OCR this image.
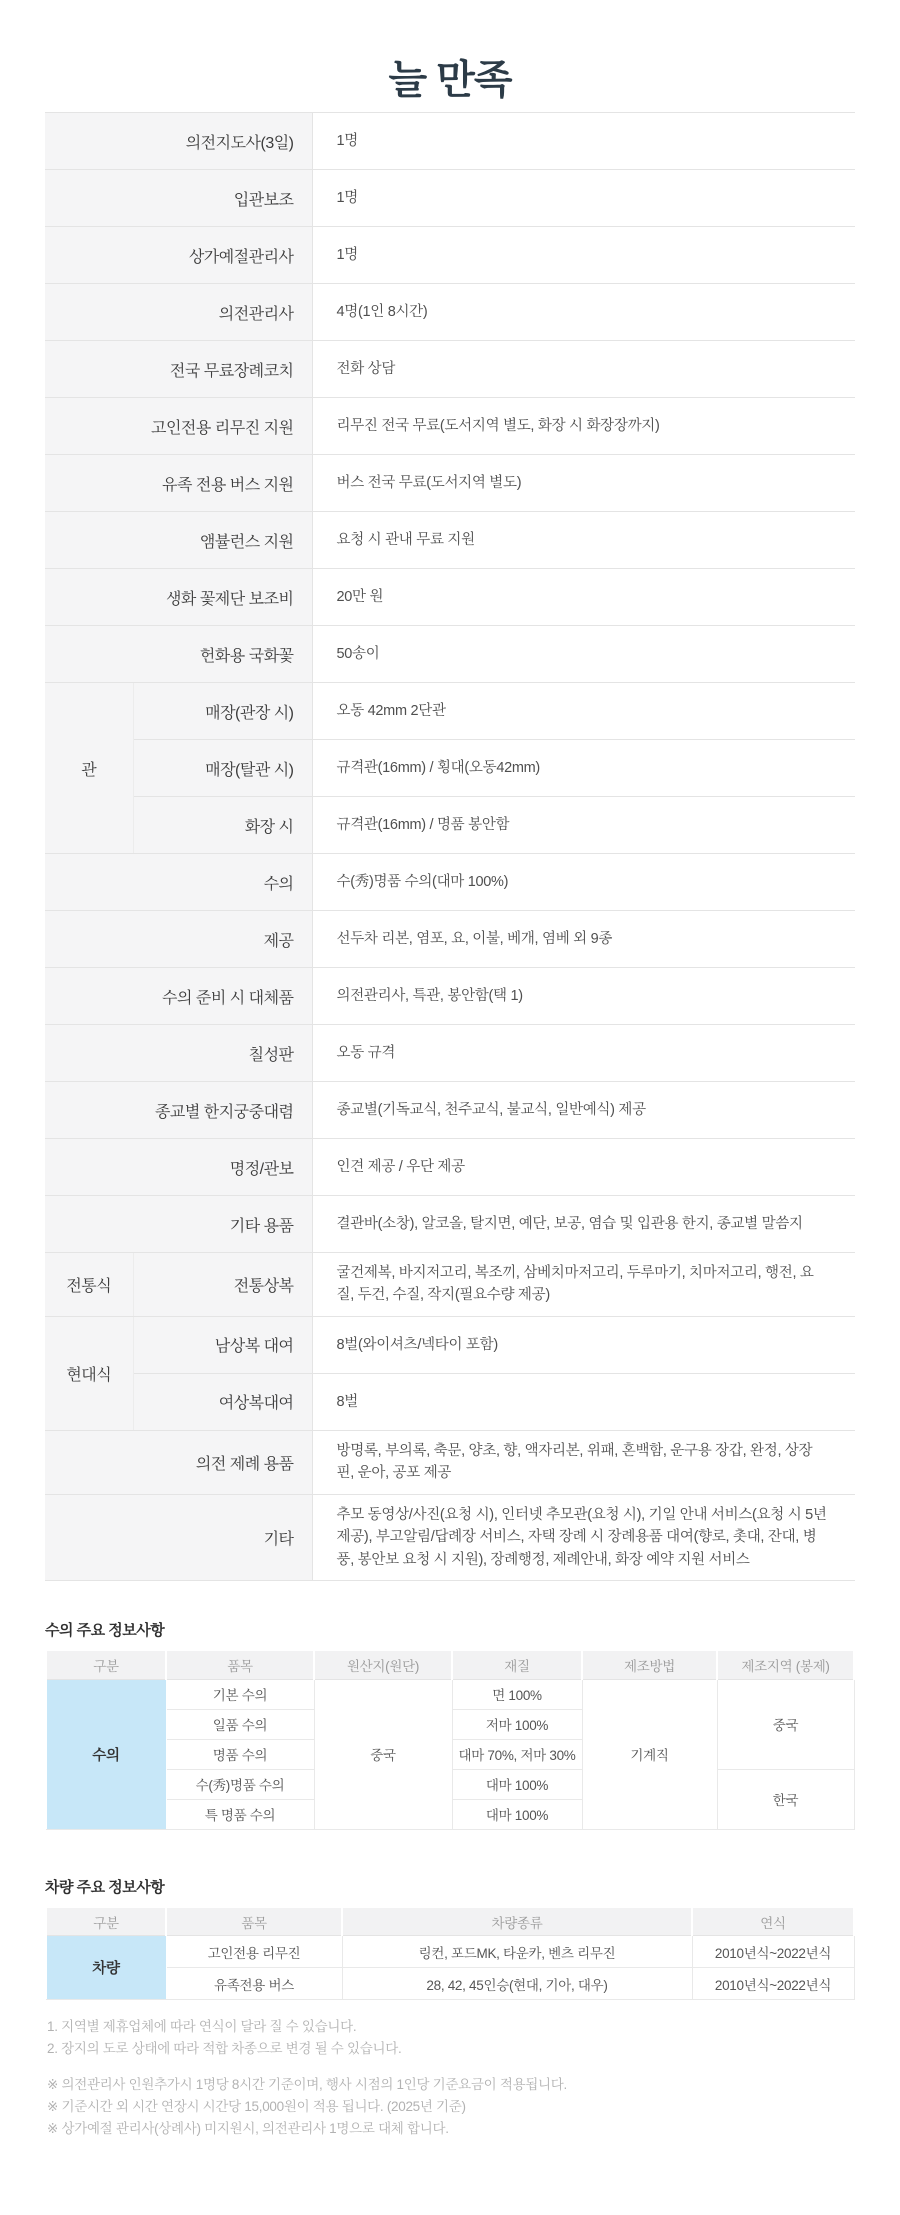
늘 만족
의전지도사(3일)		1명
입관보조		1명
상가예절관리사		1명
의전관리사		4명(1인 8시간)
전국 무료장례코치		전화 상담
고인전용 리무진 지원		리무진 전국 무료(도서지역 별도, 화장 시 화장장까지)
유족 전용 버스 지원		버스 전국 무료(도서지역 별도)
앰뷸런스 지원		요청 시 관내 무료 지원
생화 꽃제단 보조비		20만 원
헌화용 국화꽃		50송이
관	매장(관장 시)	오동 42mm 2단관
	매장(탈관 시)	규격관(16mm) / 횡대(오동42mm)
	화장 시	규격관(16mm) / 명품 봉안함
수의		수(秀)명품 수의(대마 100%)
제공		선두차 리본, 염포, 요, 이불, 베개, 염베 외 9종
수의 준비 시 대체품		의전관리사, 특관, 봉안함(택 1)
칠성판		오동 규격
종교별 한지궁중대렴		종교별(기독교식, 천주교식, 불교식, 일반예식) 제공
명정/관보		인견 제공 / 우단 제공
기타 용품		결관바(소창), 알코올, 탈지면, 예단, 보공, 염습 및 입관용 한지, 종교별 말씀지
전통식	전통상복	굴건제복, 바지저고리, 복조끼, 삼베치마저고리, 두루마기, 치마저고리, 행전, 요질, 두건, 수질, 작지(필요수량 제공)
현대식	남상복 대여	8벌(와이셔츠/넥타이 포함)
	여상복대여	8벌
의전 제례 용품		방명록, 부의록, 축문, 양초, 향, 액자리본, 위패, 혼백함, 운구용 장갑, 완정, 상장핀, 운아, 공포 제공
기타		추모 동영상/사진(요청 시), 인터넷 추모관(요청 시), 기일 안내 서비스(요청 시 5년 제공), 부고알림/답례장 서비스, 자택 장례 시 장례용품 대여(향로, 촛대, 잔대, 병풍, 봉안보 요청 시 지원), 장례행정, 제례안내, 화장 예약 지원 서비스
수의 주요 정보사항
구분	품목	원산지(원단)	재질	제조방법	제조지역 (봉제)
수의	기본 수의	중국	면 100%	기계직	중국
	일품 수의		저마 100%		
	명품 수의		대마 70%, 저마 30%		
	수(秀)명품 수의		대마 100%		한국
	특 명품 수의		대마 100%		
차량 주요 정보사항
구분	품목	차량종류	연식
차량	고인전용 리무진	링컨, 포드MK, 타운카, 벤츠 리무진	2010년식~2022년식
	유족전용 버스	28, 42, 45인승(현대, 기아, 대우)	2010년식~2022년식
1. 지역별 제휴업체에 따라 연식이 달라 질 수 있습니다.
2. 장지의 도로 상태에 따라 적합 차종으로 변경 될 수 있습니다.
※ 의전관리사 인원추가시 1명당 8시간 기준이며, 행사 시점의 1인당 기준요금이 적용됩니다.
※ 기준시간 외 시간 연장시 시간당 15,000원이 적용 됩니다. (2025년 기준)
※ 상가예절 관리사(상례사) 미지원시, 의전관리사 1명으로 대체 합니다.
